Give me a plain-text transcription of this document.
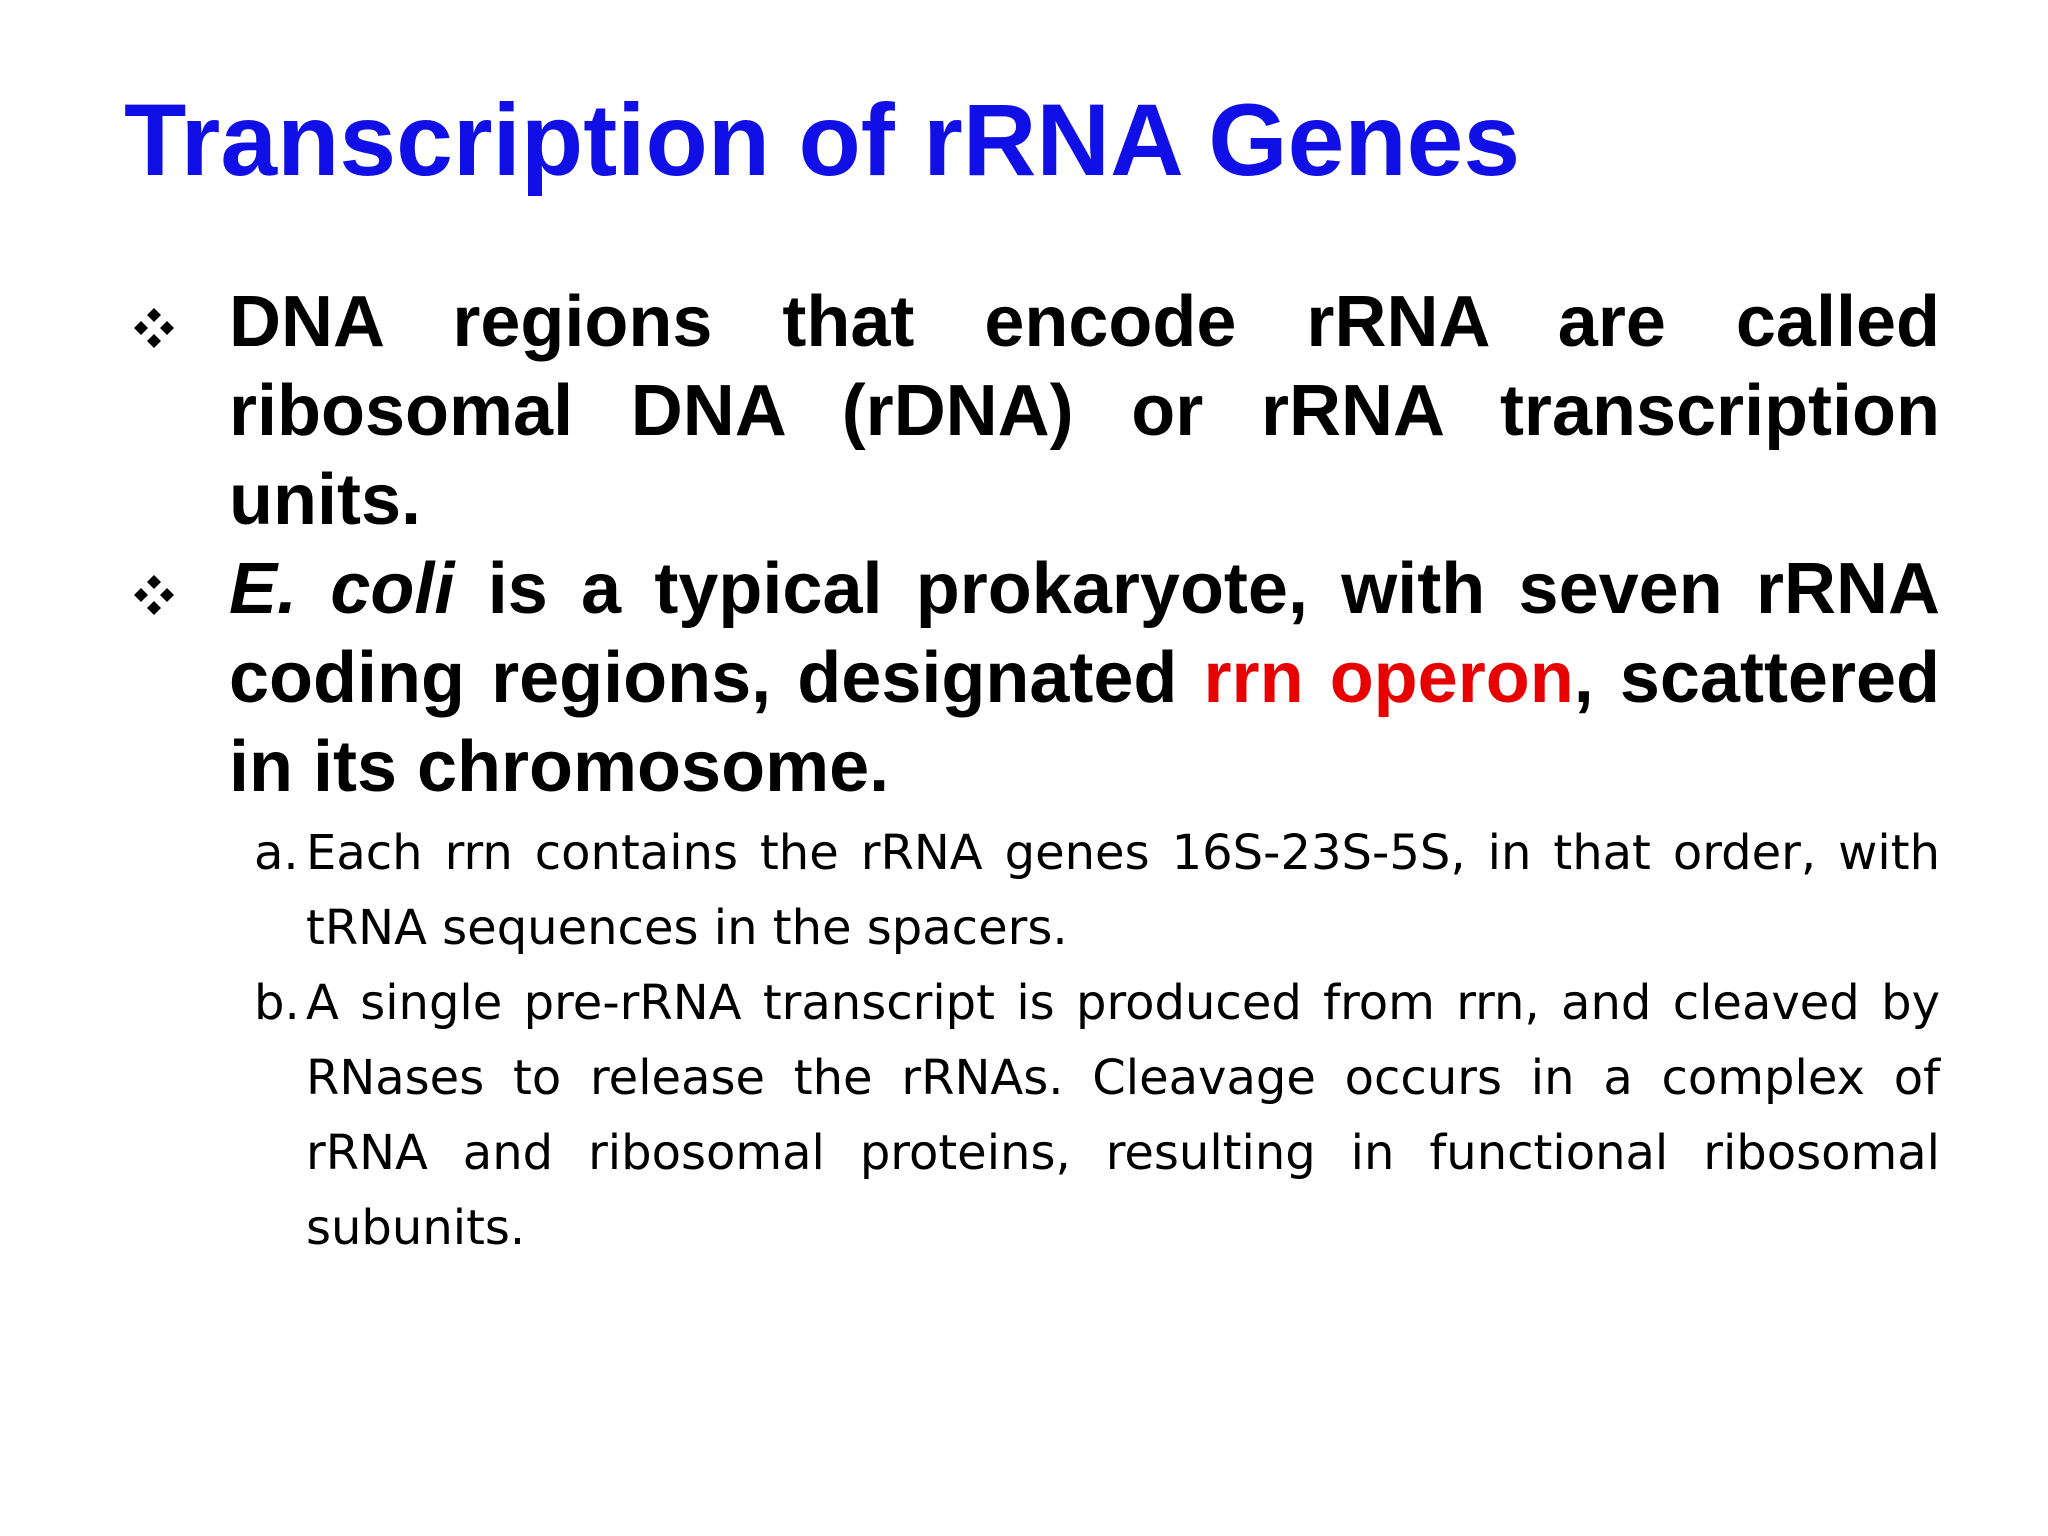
Transcription of rRNA Genes
DNA regions that encode rRNA are called ribosomal DNA (rDNA) or rRNA transcription units.
E. coli is a typical prokaryote, with seven rRNA coding regions, designated rrn operon, scattered in its chromosome.
a. Each rrn contains the rRNA genes 16S-23S-5S, in that order, with tRNA sequences in the spacers.
b. A single pre-rRNA transcript is produced from rrn, and cleaved by RNases to release the rRNAs. Cleavage occurs in a complex of rRNA and ribosomal proteins, resulting in functional ribosomal subunits.
